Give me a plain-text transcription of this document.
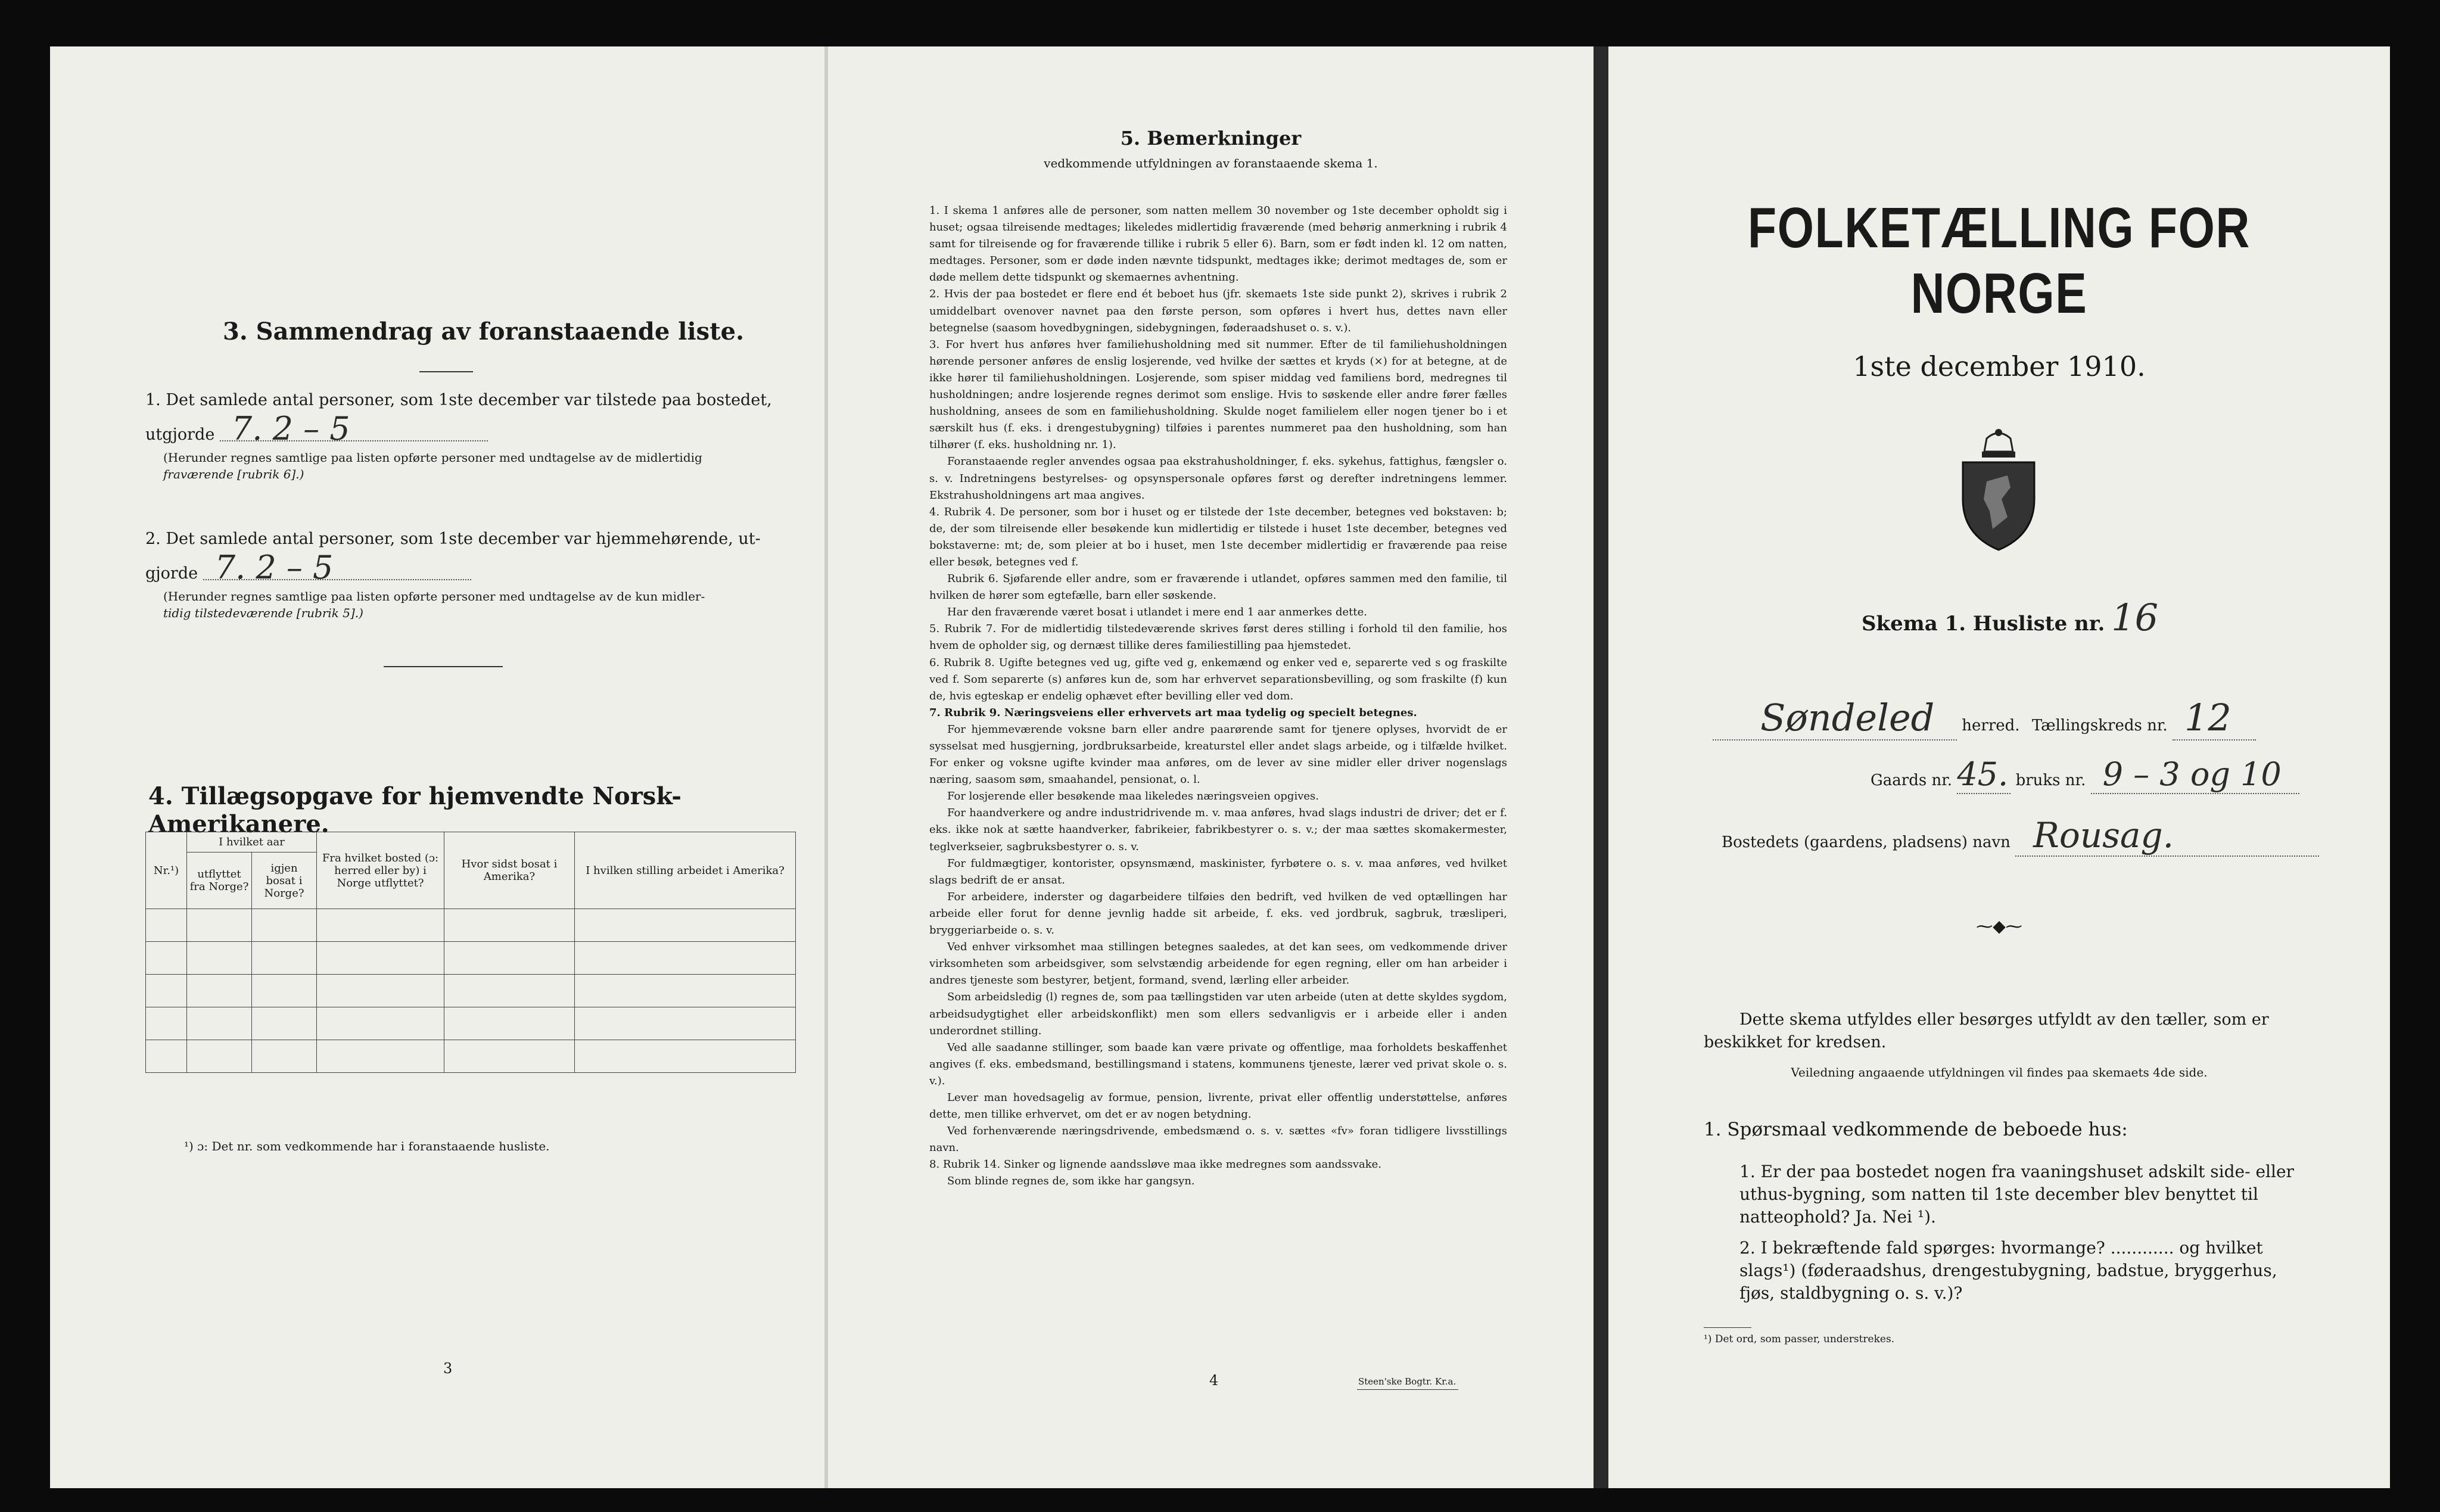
3. Sammendrag av foranstaaende liste.

1. Det samlede antal personer, som 1ste december var tilstede paa bostedet,

utgjorde 7. 2 – 5

(Herunder regnes samtlige paa listen opførte personer med undtagelse av de midlertidig

fraværende [rubrik 6].)

2. Det samlede antal personer, som 1ste december var hjemmehørende, ut-

gjorde 7. 2 – 5

(Herunder regnes samtlige paa listen opførte personer med undtagelse av de kun midler-

tidig tilstedeværende [rubrik 5].)

4. Tillægsopgave for hjemvendte Norsk-Amerikanere.
Nr.¹)	I hvilket aar		Fra hvilket bosted (ɔ: herred eller by) i Norge utflyttet?	Hvor sidst bosat i Amerika?	I hvilken stilling arbeidet i Amerika?
	utflyttet fra Norge?	igjen bosat i Norge?			

¹) ɔ: Det nr. som vedkommende har i foranstaaende husliste.
3
5. Bemerkninger
vedkommende utfyldningen av foranstaaende skema 1.

1. I skema 1 anføres alle de personer, som natten mellem 30 november og 1ste december opholdt sig i huset; ogsaa tilreisende medtages; likeledes midlertidig fraværende (med behørig anmerkning i rubrik 4 samt for tilreisende og for fraværende tillike i rubrik 5 eller 6). Barn, som er født inden kl. 12 om natten, medtages. Personer, som er døde inden nævnte tidspunkt, medtages ikke; derimot medtages de, som er døde mellem dette tidspunkt og skemaernes avhentning.

2. Hvis der paa bostedet er flere end ét beboet hus (jfr. skemaets 1ste side punkt 2), skrives i rubrik 2 umiddelbart ovenover navnet paa den første person, som opføres i hvert hus, dettes navn eller betegnelse (saasom hovedbygningen, sidebygningen, føderaadshuset o. s. v.).

3. For hvert hus anføres hver familiehusholdning med sit nummer. Efter de til familiehusholdningen hørende personer anføres de enslig losjerende, ved hvilke der sættes et kryds (×) for at betegne, at de ikke hører til familiehusholdningen. Losjerende, som spiser middag ved familiens bord, medregnes til husholdningen; andre losjerende regnes derimot som enslige. Hvis to søskende eller andre fører fælles husholdning, ansees de som en familiehusholdning. Skulde noget familielem eller nogen tjener bo i et særskilt hus (f. eks. i drengestubygning) tilføies i parentes nummeret paa den husholdning, som han tilhører (f. eks. husholdning nr. 1).

Foranstaaende regler anvendes ogsaa paa ekstrahusholdninger, f. eks. sykehus, fattighus, fængsler o. s. v. Indretningens bestyrelses- og opsynspersonale opføres først og derefter indretningens lemmer. Ekstrahusholdningens art maa angives.

4. Rubrik 4. De personer, som bor i huset og er tilstede der 1ste december, betegnes ved bokstaven: b; de, der som tilreisende eller besøkende kun midlertidig er tilstede i huset 1ste december, betegnes ved bokstaverne: mt; de, som pleier at bo i huset, men 1ste december midlertidig er fraværende paa reise eller besøk, betegnes ved f.

Rubrik 6. Sjøfarende eller andre, som er fraværende i utlandet, opføres sammen med den familie, til hvilken de hører som egtefælle, barn eller søskende.

Har den fraværende været bosat i utlandet i mere end 1 aar anmerkes dette.

5. Rubrik 7. For de midlertidig tilstedeværende skrives først deres stilling i forhold til den familie, hos hvem de opholder sig, og dernæst tillike deres familiestilling paa hjemstedet.

6. Rubrik 8. Ugifte betegnes ved ug, gifte ved g, enkemænd og enker ved e, separerte ved s og fraskilte ved f. Som separerte (s) anføres kun de, som har erhvervet separationsbevilling, og som fraskilte (f) kun de, hvis egteskap er endelig ophævet efter bevilling eller ved dom.

7. Rubrik 9. Næringsveiens eller erhvervets art maa tydelig og specielt betegnes.

For hjemmeværende voksne barn eller andre paarørende samt for tjenere oplyses, hvorvidt de er sysselsat med husgjerning, jordbruksarbeide, kreaturstel eller andet slags arbeide, og i tilfælde hvilket. For enker og voksne ugifte kvinder maa anføres, om de lever av sine midler eller driver nogenslags næring, saasom søm, smaahandel, pensionat, o. l.

For losjerende eller besøkende maa likeledes næringsveien opgives.

For haandverkere og andre industridrivende m. v. maa anføres, hvad slags industri de driver; det er f. eks. ikke nok at sætte haandverker, fabrikeier, fabrikbestyrer o. s. v.; der maa sættes skomakermester, teglverkseier, sagbruksbestyrer o. s. v.

For fuldmægtiger, kontorister, opsynsmænd, maskinister, fyrbøtere o. s. v. maa anføres, ved hvilket slags bedrift de er ansat.

For arbeidere, inderster og dagarbeidere tilføies den bedrift, ved hvilken de ved optællingen har arbeide eller forut for denne jevnlig hadde sit arbeide, f. eks. ved jordbruk, sagbruk, træsliperi, bryggeriarbeide o. s. v.

Ved enhver virksomhet maa stillingen betegnes saaledes, at det kan sees, om vedkommende driver virksomheten som arbeidsgiver, som selvstændig arbeidende for egen regning, eller om han arbeider i andres tjeneste som bestyrer, betjent, formand, svend, lærling eller arbeider.

Som arbeidsledig (l) regnes de, som paa tællingstiden var uten arbeide (uten at dette skyldes sygdom, arbeidsudygtighet eller arbeidskonflikt) men som ellers sedvanligvis er i arbeide eller i anden underordnet stilling.

Ved alle saadanne stillinger, som baade kan være private og offentlige, maa forholdets beskaffenhet angives (f. eks. embedsmand, bestillingsmand i statens, kommunens tjeneste, lærer ved privat skole o. s. v.).

Lever man hovedsagelig av formue, pension, livrente, privat eller offentlig understøttelse, anføres dette, men tillike erhvervet, om det er av nogen betydning.

Ved forhenværende næringsdrivende, embedsmænd o. s. v. sættes «fv» foran tidligere livsstillings navn.

8. Rubrik 14. Sinker og lignende aandssløve maa ikke medregnes som aandssvake.

Som blinde regnes de, som ikke har gangsyn.

4	Steen'ske Bogtr. Kr.a.
FOLKETÆLLING FOR NORGE
1ste december 1910.
Skema 1. Husliste nr. 16
Søndeled herred. Tællingskreds nr. 12
Gaards nr. 45. bruks nr. 9 – 3 og 10
Bostedets (gaardens, pladsens) navn Rousag.
⁓◆⁓
Dette skema utfyldes eller besørges utfyldt av den tæller, som er beskikket for kredsen.
Veiledning angaaende utfyldningen vil findes paa skemaets 4de side.
1. Spørsmaal vedkommende de beboede hus:
1. Er der paa bostedet nogen fra vaaningshuset adskilt side- eller uthus-bygning, som natten til 1ste december blev benyttet til natteophold? Ja. Nei ¹).
2. I bekræftende fald spørges: hvormange? ............ og hvilket slags¹) (føderaadshus, drengestubygning, badstue, bryggerhus, fjøs, staldbygning o. s. v.)?
¹) Det ord, som passer, understrekes.
